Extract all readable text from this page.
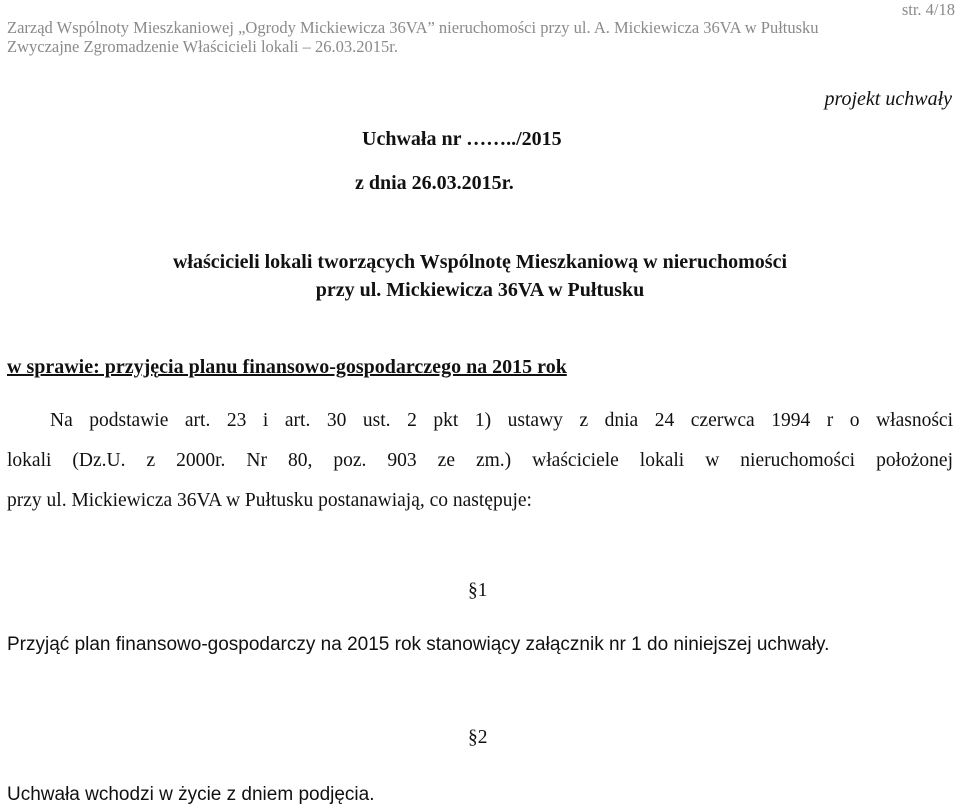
Zarząd Wspólnoty Mieszkaniowej „Ogrody Mickiewicza 36VA” nieruchomości przy ul. A. Mickiewicza 36VA w Pułtusku
Zwyczajne Zgromadzenie Właścicieli lokali – 26.03.2015r.
str. 4/18
projekt uchwały
Uchwała nr ……../2015
z dnia 26.03.2015r.
właścicieli lokali tworzących Wspólnotę Mieszkaniową w nieruchomości
przy ul. Mickiewicza 36VA w Pułtusku
w sprawie: przyjęcia planu finansowo-gospodarczego na 2015 rok
Na podstawie art. 23 i art. 30 ust. 2 pkt 1) ustawy z dnia 24 czerwca 1994 r o własności
lokali (Dz.U. z 2000r. Nr 80, poz. 903 ze zm.) właściciele lokali w nieruchomości położonej
przy ul. Mickiewicza 36VA w Pułtusku postanawiają, co następuje:
§1
Przyjąć plan finansowo-gospodarczy na 2015 rok stanowiący załącznik nr 1 do niniejszej uchwały.
§2
Uchwała wchodzi w życie z dniem podjęcia.
